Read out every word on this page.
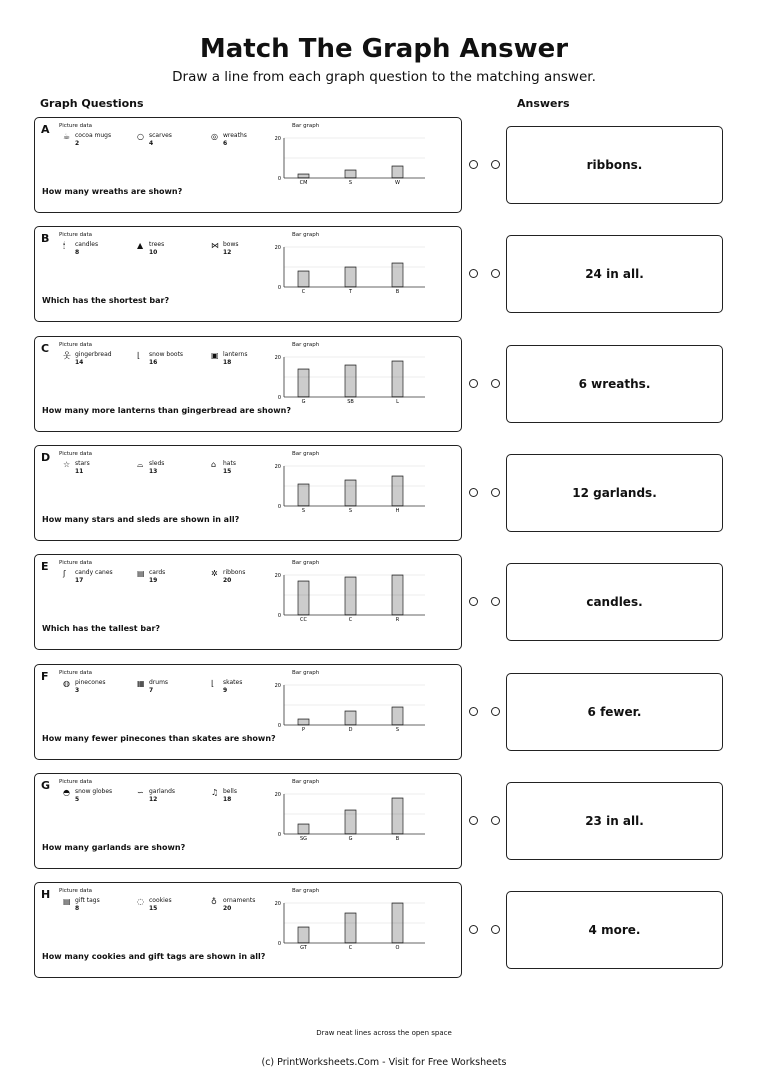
Match The Graph Answer
Draw a line from each graph question to the matching answer.
Graph Questions	Answers
A Picture data
☕ cocoa mugs
2
○ scarves
4
◎ wreaths
6
Bar graph
20
0
CM	S	W
How many wreaths are shown?
B Picture data
🕯 candles
8
▲ trees
10
⋈ bows
12
Bar graph
20
0
C	T	B
Which has the shortest bar?
C Picture data
웃 gingerbread
14
⌊ snow boots
16
▣ lanterns
18
Bar graph
20
0
G	SB	L
How many more lanterns than gingerbread are shown?
D Picture data
☆ stars
11
⌓ sleds
13
⌂ hats
15
Bar graph
20
0
S	S	H
How many stars and sleds are shown in all?
E Picture data
ʃ candy canes
17
▤ cards
19
✲ ribbons
20
Bar graph
20
0
CC	C	R
Which has the tallest bar?
F Picture data
◍ pinecones
3
▦ drums
7
⌊ skates
9
Bar graph
20
0
P	D	S
How many fewer pinecones than skates are shown?
G Picture data
◓ snow globes
5
∽ garlands
12
♫ bells
18
Bar graph
20
0
SG	G	B
How many garlands are shown?
H Picture data
▤ gift tags
8
◌ cookies
15
♁ ornaments
20
Bar graph
20
0
GT	C	O
How many cookies and gift tags are shown in all?
ribbons.
24 in all.
6 wreaths.
12 garlands.
candles.
6 fewer.
23 in all.
4 more.
Draw neat lines across the open space
(c) PrintWorksheets.Com - Visit for Free Worksheets
